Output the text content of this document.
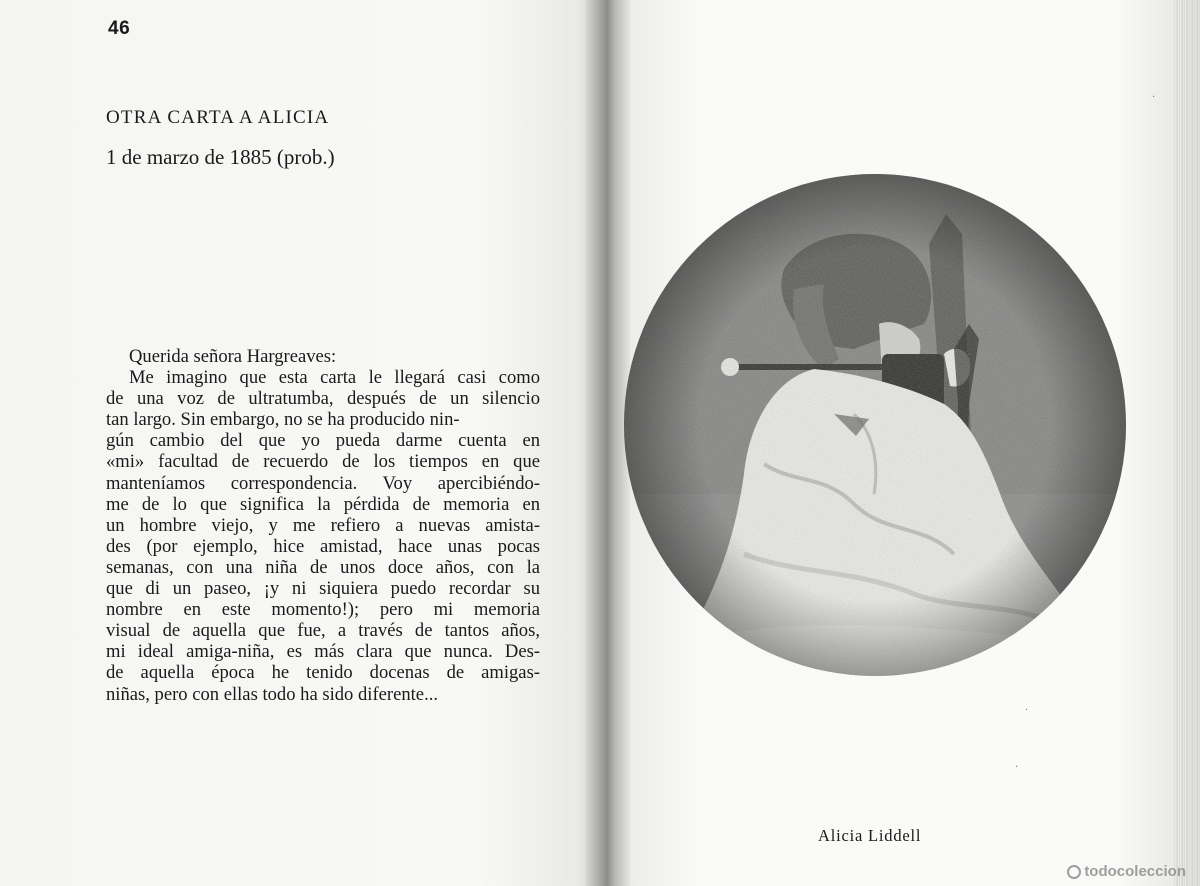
46
OTRA CARTA A ALICIA
1 de marzo de 1885 (prob.)
Querida señora Hargreaves:
Me imagino que esta carta le llegará casi como
de una voz de ultratumba, después de un silencio
tan largo. Sin embargo, no se ha producido nin-
gún cambio del que yo pueda darme cuenta en
«mi» facultad de recuerdo de los tiempos en que
manteníamos correspondencia. Voy apercibiéndo-
me de lo que significa la pérdida de memoria en
un hombre viejo, y me refiero a nuevas amista-
des (por ejemplo, hice amistad, hace unas pocas
semanas, con una niña de unos doce años, con la
que di un paseo, ¡y ni siquiera puedo recordar su
nombre en este momento!); pero mi memoria
visual de aquella que fue, a través de tantos años,
mi ideal amiga-niña, es más clara que nunca. Des-
de aquella época he tenido docenas de amigas-
niñas, pero con ellas todo ha sido diferente...
·
·
·
Alicia Liddell
todocoleccion
